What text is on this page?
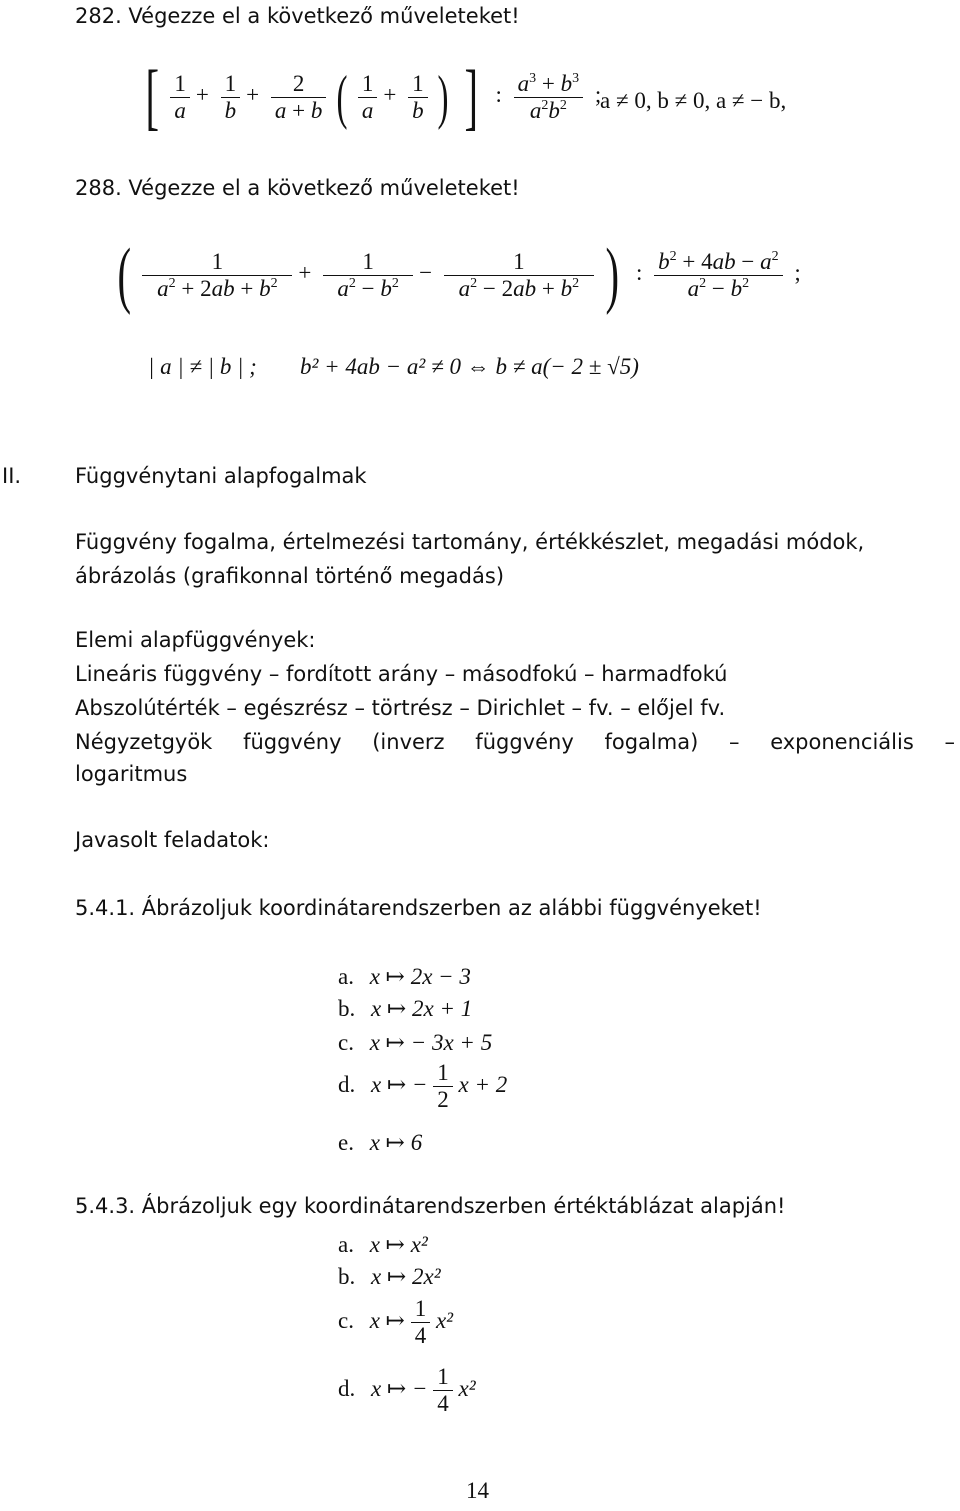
282. Végezze el a következő műveleteket!
[ $\frac{1}{a} + \frac{1}{b} + \frac{2}{a + b}$ ( $\frac{1}{a} + \frac{1}{b}$ ) ] : $\frac{a^3 + b^3}{a^2b^2}$ ;
a ≠ 0, b ≠ 0, a ≠ − b,
288. Végezze el a következő műveleteket!
( $\frac{1}{a^2 + 2ab + b^2} + \frac{1}{a^2 - b^2} - \frac{1}{a^2 - 2ab + b^2}$ ) : $\frac{b^2 + 4ab - a^2}{a^2 - b^2}$ ;
| a | ≠ | b | ; b² + 4ab − a² ≠ 0 ⇔ b ≠ a(− 2 ± √5)
II.	Függvénytani alapfogalmak
Függvény fogalma, értelmezési tartomány, értékkészlet, megadási módok,
ábrázolás (grafikonnal történő megadás)
Elemi alapfüggvények:
Lineáris függvény – fordított arány – másodfokú – harmadfokú
Abszolútérték – egészrész – törtrész – Dirichlet – fv. – előjel fv.
Négyzetgyök függvény (inverz függvény fogalma) – exponenciális –
logaritmus
Javasolt feladatok:
5.4.1. Ábrázoljuk koordinátarendszerben az alábbi függvényeket!
a. x ↦ 2x − 3
b. x ↦ 2x + 1
c. x ↦ − 3x + 5
d. x ↦ − $\frac{1}{2}$ x + 2
e. x ↦ 6
5.4.3. Ábrázoljuk egy koordinátarendszerben értéktáblázat alapján!
a. x ↦ x²
b. x ↦ 2x²
c. x ↦ $\frac{1}{4} x^2$
d. x ↦ − $\frac{1}{4} x^2$
14
